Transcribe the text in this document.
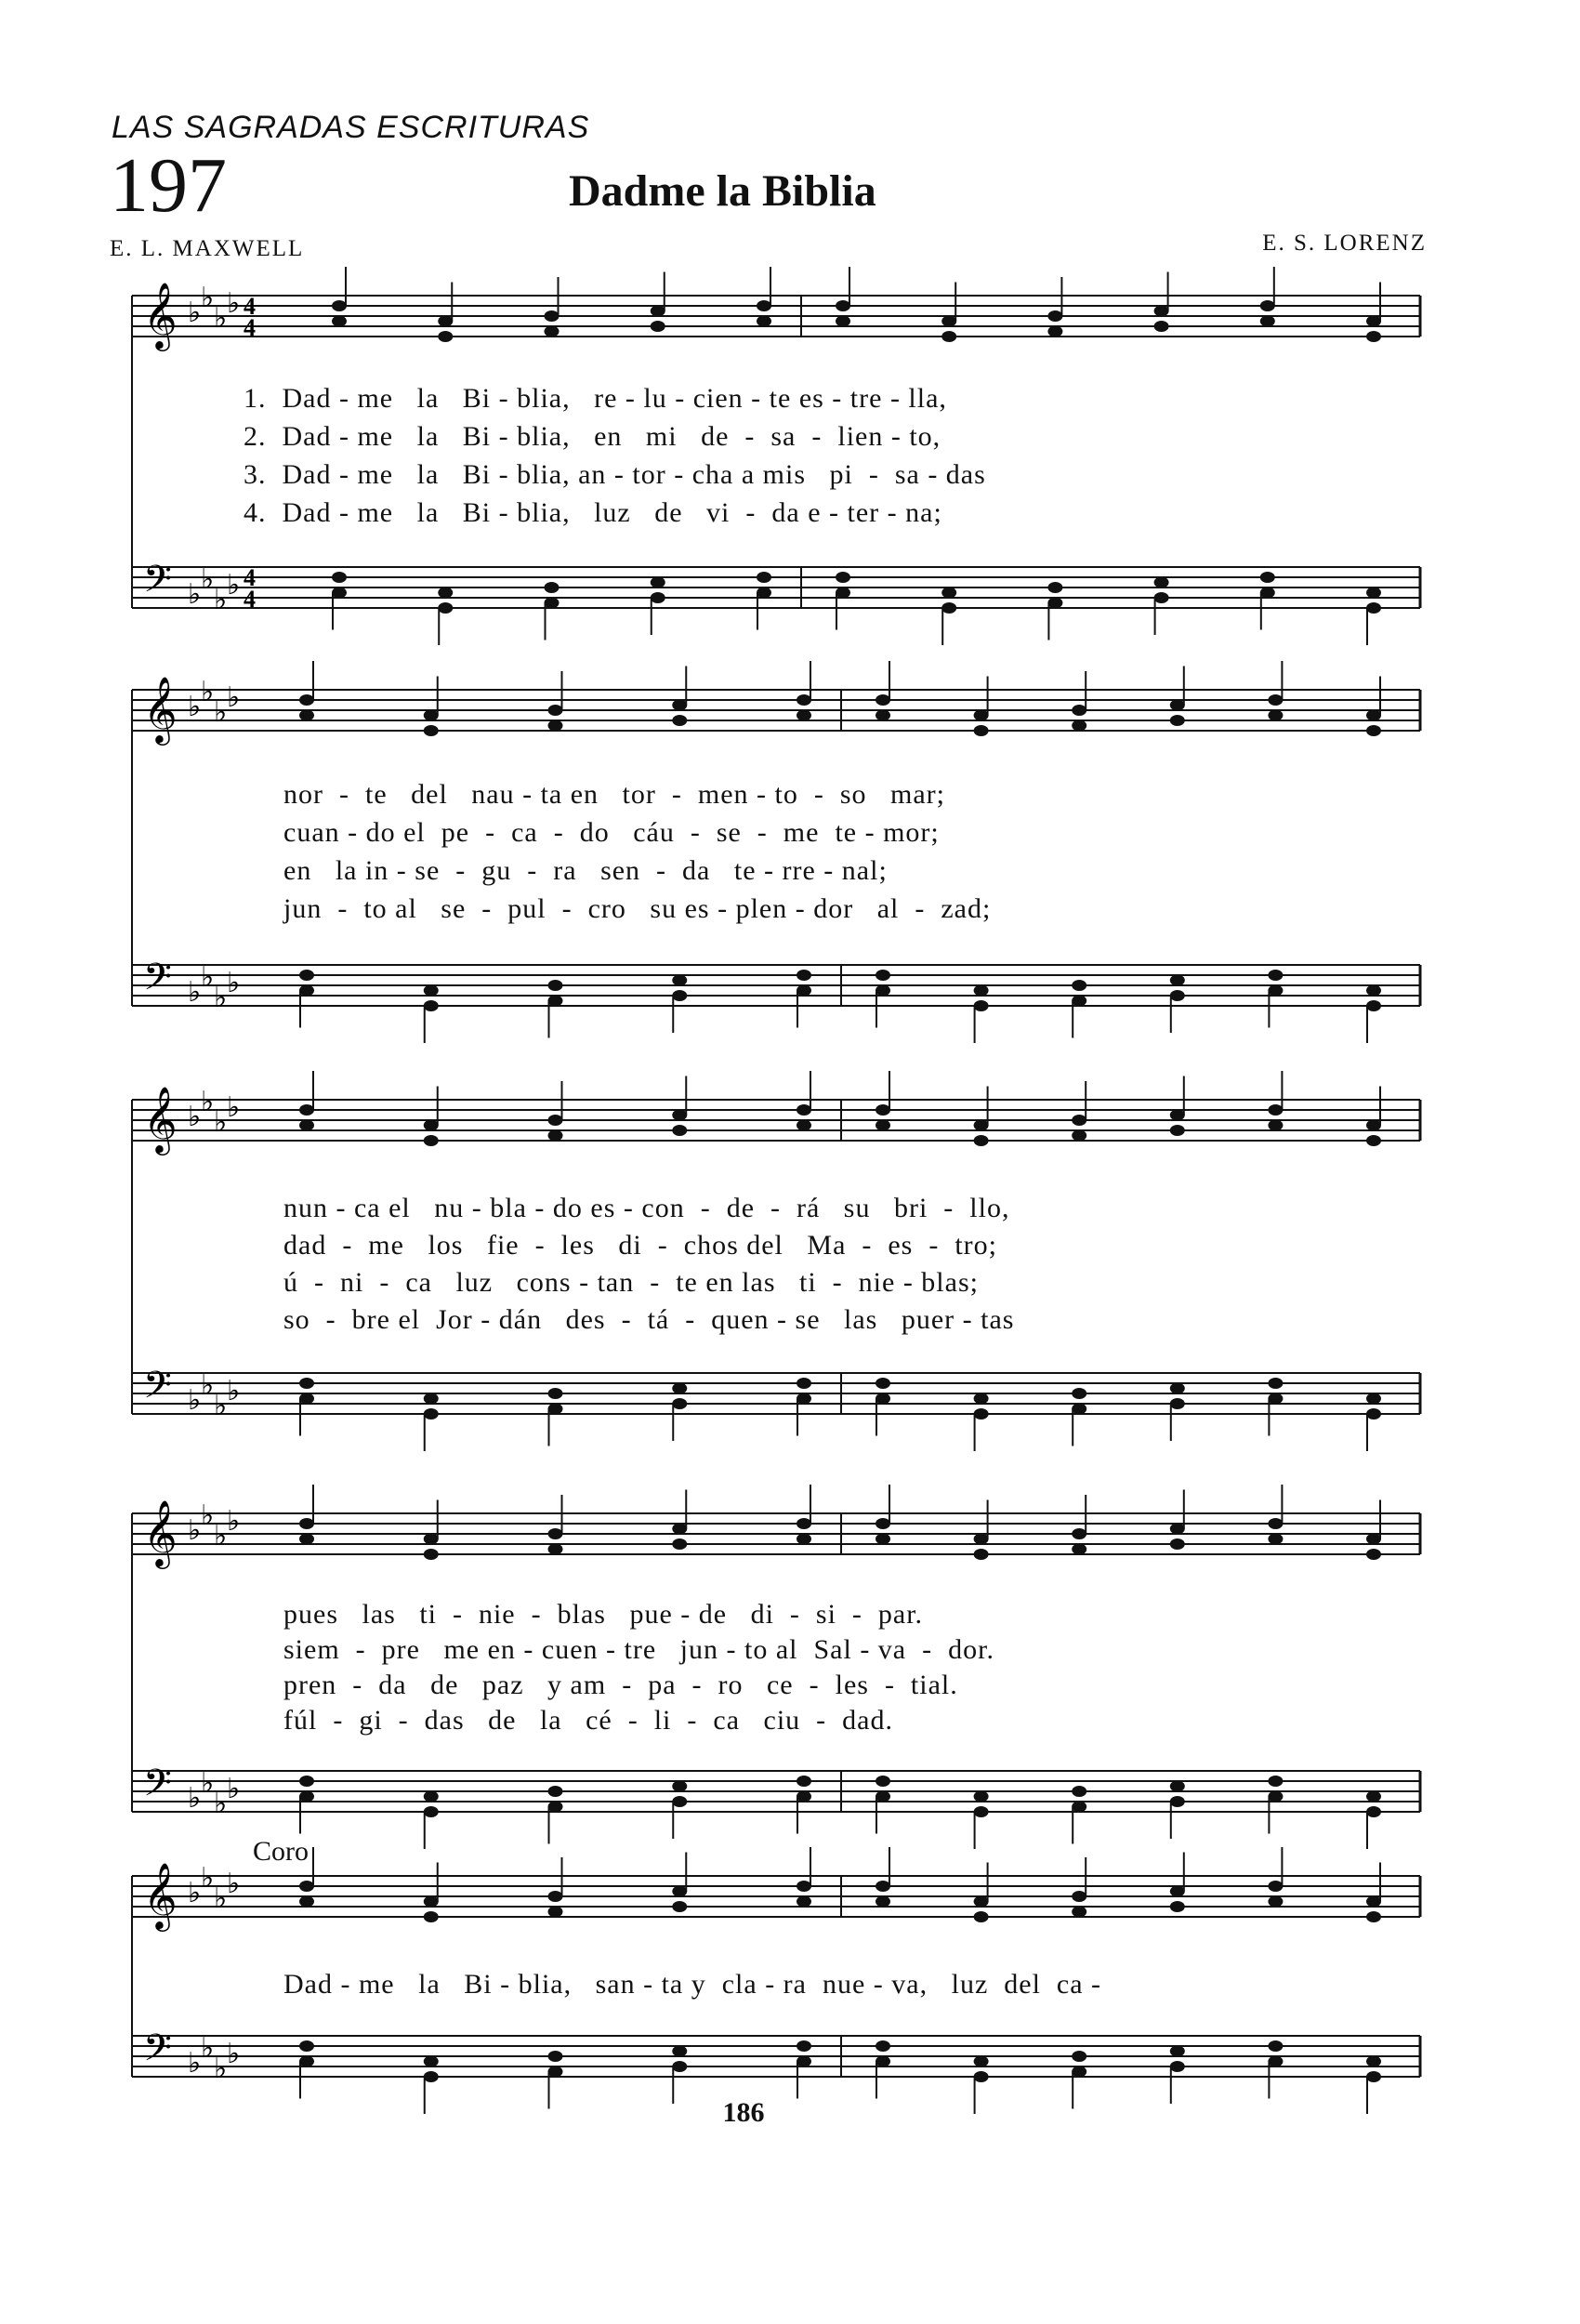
LAS SAGRADAS ESCRITURAS
197	Dadme la Biblia
E. L. MAXWELL	E. S. LORENZ
Coro
186
𝄞 ♭ ♭
♭ ♭ 4
4
𝄢 ♭ ♭
♭ ♭ 4
4
1.  Dad - me   la   Bi - blia,   re - lu - cien - te es - tre - lla,
2.  Dad - me   la   Bi - blia,   en   mi   de  -  sa  -  lien - to,
3.  Dad - me   la   Bi - blia, an - tor - cha a mis   pi  -  sa - das
4.  Dad - me   la   Bi - blia,   luz   de   vi  -  da e - ter - na;
𝄞 ♭ ♭
♭ ♭
𝄢 ♭ ♭
♭ ♭
nor  -  te   del   nau - ta en   tor  -  men - to  -  so   mar;
cuan - do el  pe  -  ca  -  do   cáu  -  se  -  me  te - mor;
en   la in - se  -  gu  -  ra   sen  -  da   te - rre - nal;
jun  -  to al   se  -  pul  -  cro   su es - plen - dor   al  -  zad;
𝄞 ♭ ♭
♭ ♭
𝄢 ♭ ♭
♭ ♭
nun - ca el   nu - bla - do es - con  -  de  -  rá   su   bri  -  llo,
dad  -  me   los   fie  -  les   di  -  chos del   Ma  -  es  -  tro;
ú  -  ni  -  ca   luz   cons - tan  -  te en las   ti  -  nie - blas;
so  -  bre el  Jor - dán   des  -  tá  -  quen - se   las   puer - tas
𝄞 ♭ ♭
♭ ♭
𝄢 ♭ ♭
♭ ♭
pues   las   ti  -  nie  -  blas   pue - de   di  -  si  -  par.
siem  -  pre   me en - cuen - tre   jun - to al  Sal - va  -  dor.
pren  -  da   de   paz   y am  -  pa  -  ro   ce  -  les  -  tial.
fúl  -  gi  -  das   de   la   cé  -  li  -  ca   ciu  -  dad.
𝄞 ♭ ♭
♭ ♭
𝄢 ♭ ♭
♭ ♭
Dad - me   la   Bi - blia,   san - ta y  cla - ra  nue - va,   luz  del  ca -
